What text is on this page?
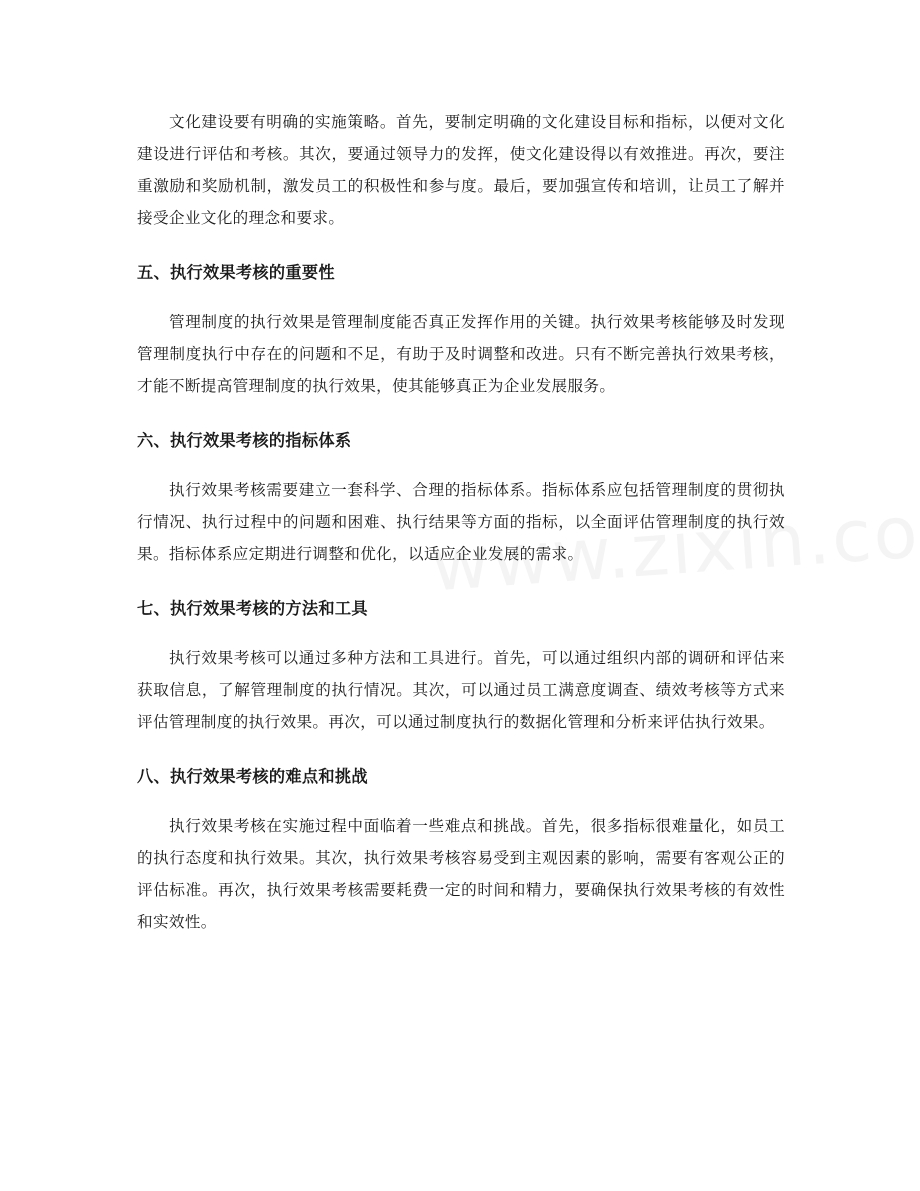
文化建设要有明确的实施策略。首先，要制定明确的文化建设目标和指标，以便对文化建设进行评估和考核。其次，要通过领导力的发挥，使文化建设得以有效推进。再次，要注重激励和奖励机制，激发员工的积极性和参与度。最后，要加强宣传和培训，让员工了解并接受企业文化的理念和要求。

五、执行效果考核的重要性

管理制度的执行效果是管理制度能否真正发挥作用的关键。执行效果考核能够及时发现管理制度执行中存在的问题和不足，有助于及时调整和改进。只有不断完善执行效果考核，才能不断提高管理制度的执行效果，使其能够真正为企业发展服务。

六、执行效果考核的指标体系

执行效果考核需要建立一套科学、合理的指标体系。指标体系应包括管理制度的贯彻执行情况、执行过程中的问题和困难、执行结果等方面的指标，以全面评估管理制度的执行效果。指标体系应定期进行调整和优化，以适应企业发展的需求。

七、执行效果考核的方法和工具

执行效果考核可以通过多种方法和工具进行。首先，可以通过组织内部的调研和评估来获取信息，了解管理制度的执行情况。其次，可以通过员工满意度调查、绩效考核等方式来评估管理制度的执行效果。再次，可以通过制度执行的数据化管理和分析来评估执行效果。

八、执行效果考核的难点和挑战

执行效果考核在实施过程中面临着一些难点和挑战。首先，很多指标很难量化，如员工的执行态度和执行效果。其次，执行效果考核容易受到主观因素的影响，需要有客观公正的评估标准。再次，执行效果考核需要耗费一定的时间和精力，要确保执行效果考核的有效性和实效性。
